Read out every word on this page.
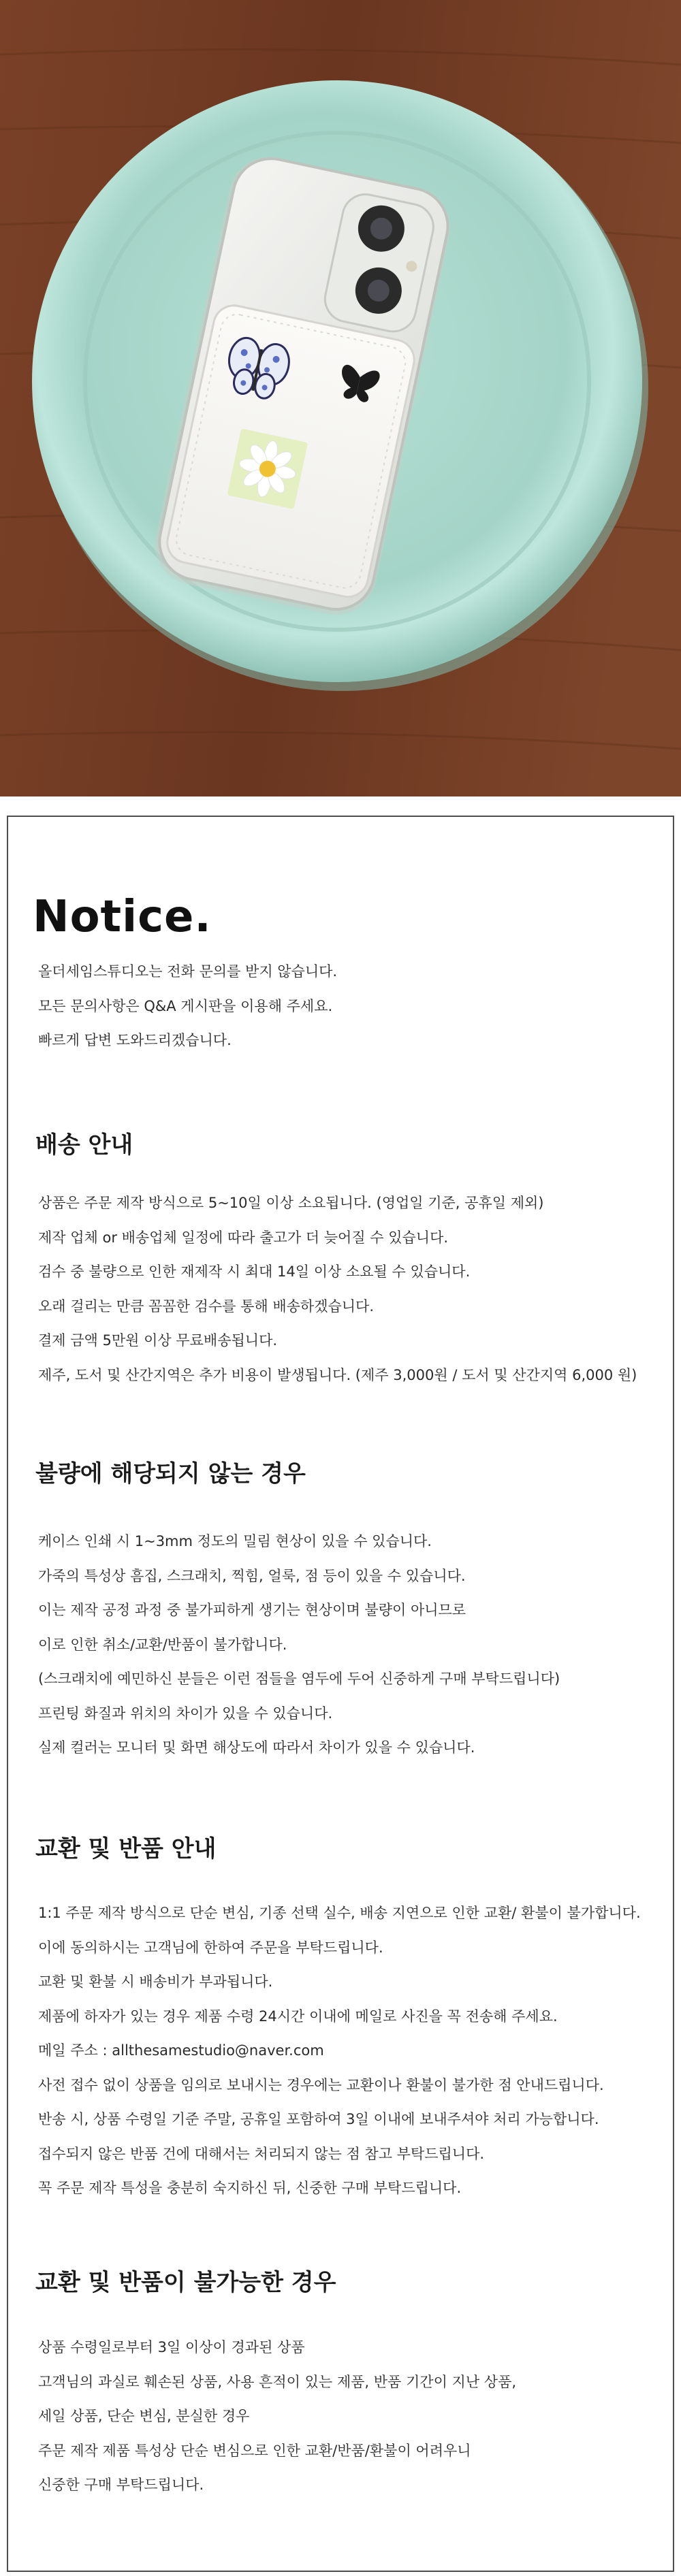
Notice.
올더세임스튜디오는 전화 문의를 받지 않습니다.
모든 문의사항은 Q&A 게시판을 이용해 주세요.
빠르게 답변 도와드리겠습니다.
배송 안내
상품은 주문 제작 방식으로 5~10일 이상 소요됩니다. (영업일 기준, 공휴일 제외)
제작 업체 or 배송업체 일정에 따라 출고가 더 늦어질 수 있습니다.
검수 중 불량으로 인한 재제작 시 최대 14일 이상 소요될 수 있습니다.
오래 걸리는 만큼 꼼꼼한 검수를 통해 배송하겠습니다.
결제 금액 5만원 이상 무료배송됩니다.
제주, 도서 및 산간지역은 추가 비용이 발생됩니다. (제주 3,000원 / 도서 및 산간지역 6,000 원)
불량에 해당되지 않는 경우
케이스 인쇄 시 1~3mm 정도의 밀림 현상이 있을 수 있습니다.
가죽의 특성상 흠집, 스크래치, 찍힘, 얼룩, 점 등이 있을 수 있습니다.
이는 제작 공정 과정 중 불가피하게 생기는 현상이며 불량이 아니므로
이로 인한 취소/교환/반품이 불가합니다.
(스크래치에 예민하신 분들은 이런 점들을 염두에 두어 신중하게 구매 부탁드립니다)
프린팅 화질과 위치의 차이가 있을 수 있습니다.
실제 컬러는 모니터 및 화면 해상도에 따라서 차이가 있을 수 있습니다.
교환 및 반품 안내
1:1 주문 제작 방식으로 단순 변심, 기종 선택 실수, 배송 지연으로 인한 교환/ 환불이 불가합니다.
이에 동의하시는 고객님에 한하여 주문을 부탁드립니다.
교환 및 환불 시 배송비가 부과됩니다.
제품에 하자가 있는 경우 제품 수령 24시간 이내에 메일로 사진을 꼭 전송해 주세요.
메일 주소 : allthesamestudio@naver.com
사전 접수 없이 상품을 임의로 보내시는 경우에는 교환이나 환불이 불가한 점 안내드립니다.
반송 시, 상품 수령일 기준 주말, 공휴일 포함하여 3일 이내에 보내주셔야 처리 가능합니다.
접수되지 않은 반품 건에 대해서는 처리되지 않는 점 참고 부탁드립니다.
꼭 주문 제작 특성을 충분히 숙지하신 뒤, 신중한 구매 부탁드립니다.
교환 및 반품이 불가능한 경우
상품 수령일로부터 3일 이상이 경과된 상품
고객님의 과실로 훼손된 상품, 사용 흔적이 있는 제품, 반품 기간이 지난 상품,
세일 상품, 단순 변심, 분실한 경우
주문 제작 제품 특성상 단순 변심으로 인한 교환/반품/환불이 어려우니
신중한 구매 부탁드립니다.
